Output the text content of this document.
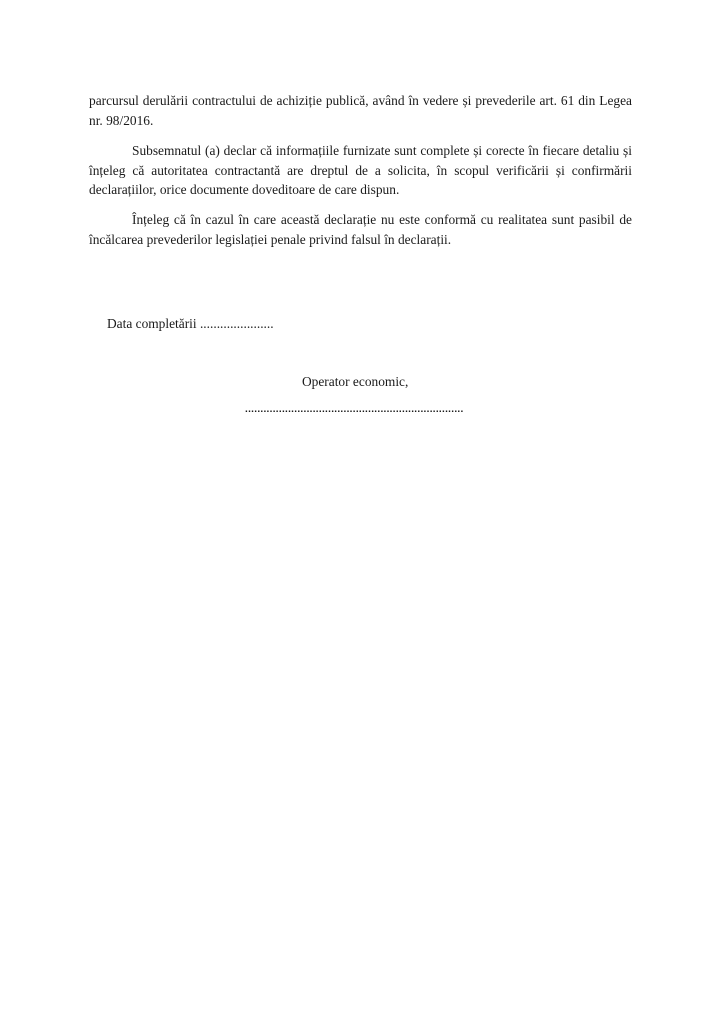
parcursul derulării contractului de achiziție publică, având în vedere și prevederile art. 61 din Legea nr. 98/2016.

Subsemnatul (a) declar că informațiile furnizate sunt complete și corecte în fiecare detaliu și înțeleg că autoritatea contractantă are dreptul de a solicita, în scopul verificării și confirmării declarațiilor, orice documente doveditoare de care dispun.

Înțeleg că în cazul în care această declarație nu este conformă cu realitatea sunt pasibil de încălcarea prevederilor legislației penale privind falsul în declarații.

Data completării ......................

Operator economic,

.......................................................................
